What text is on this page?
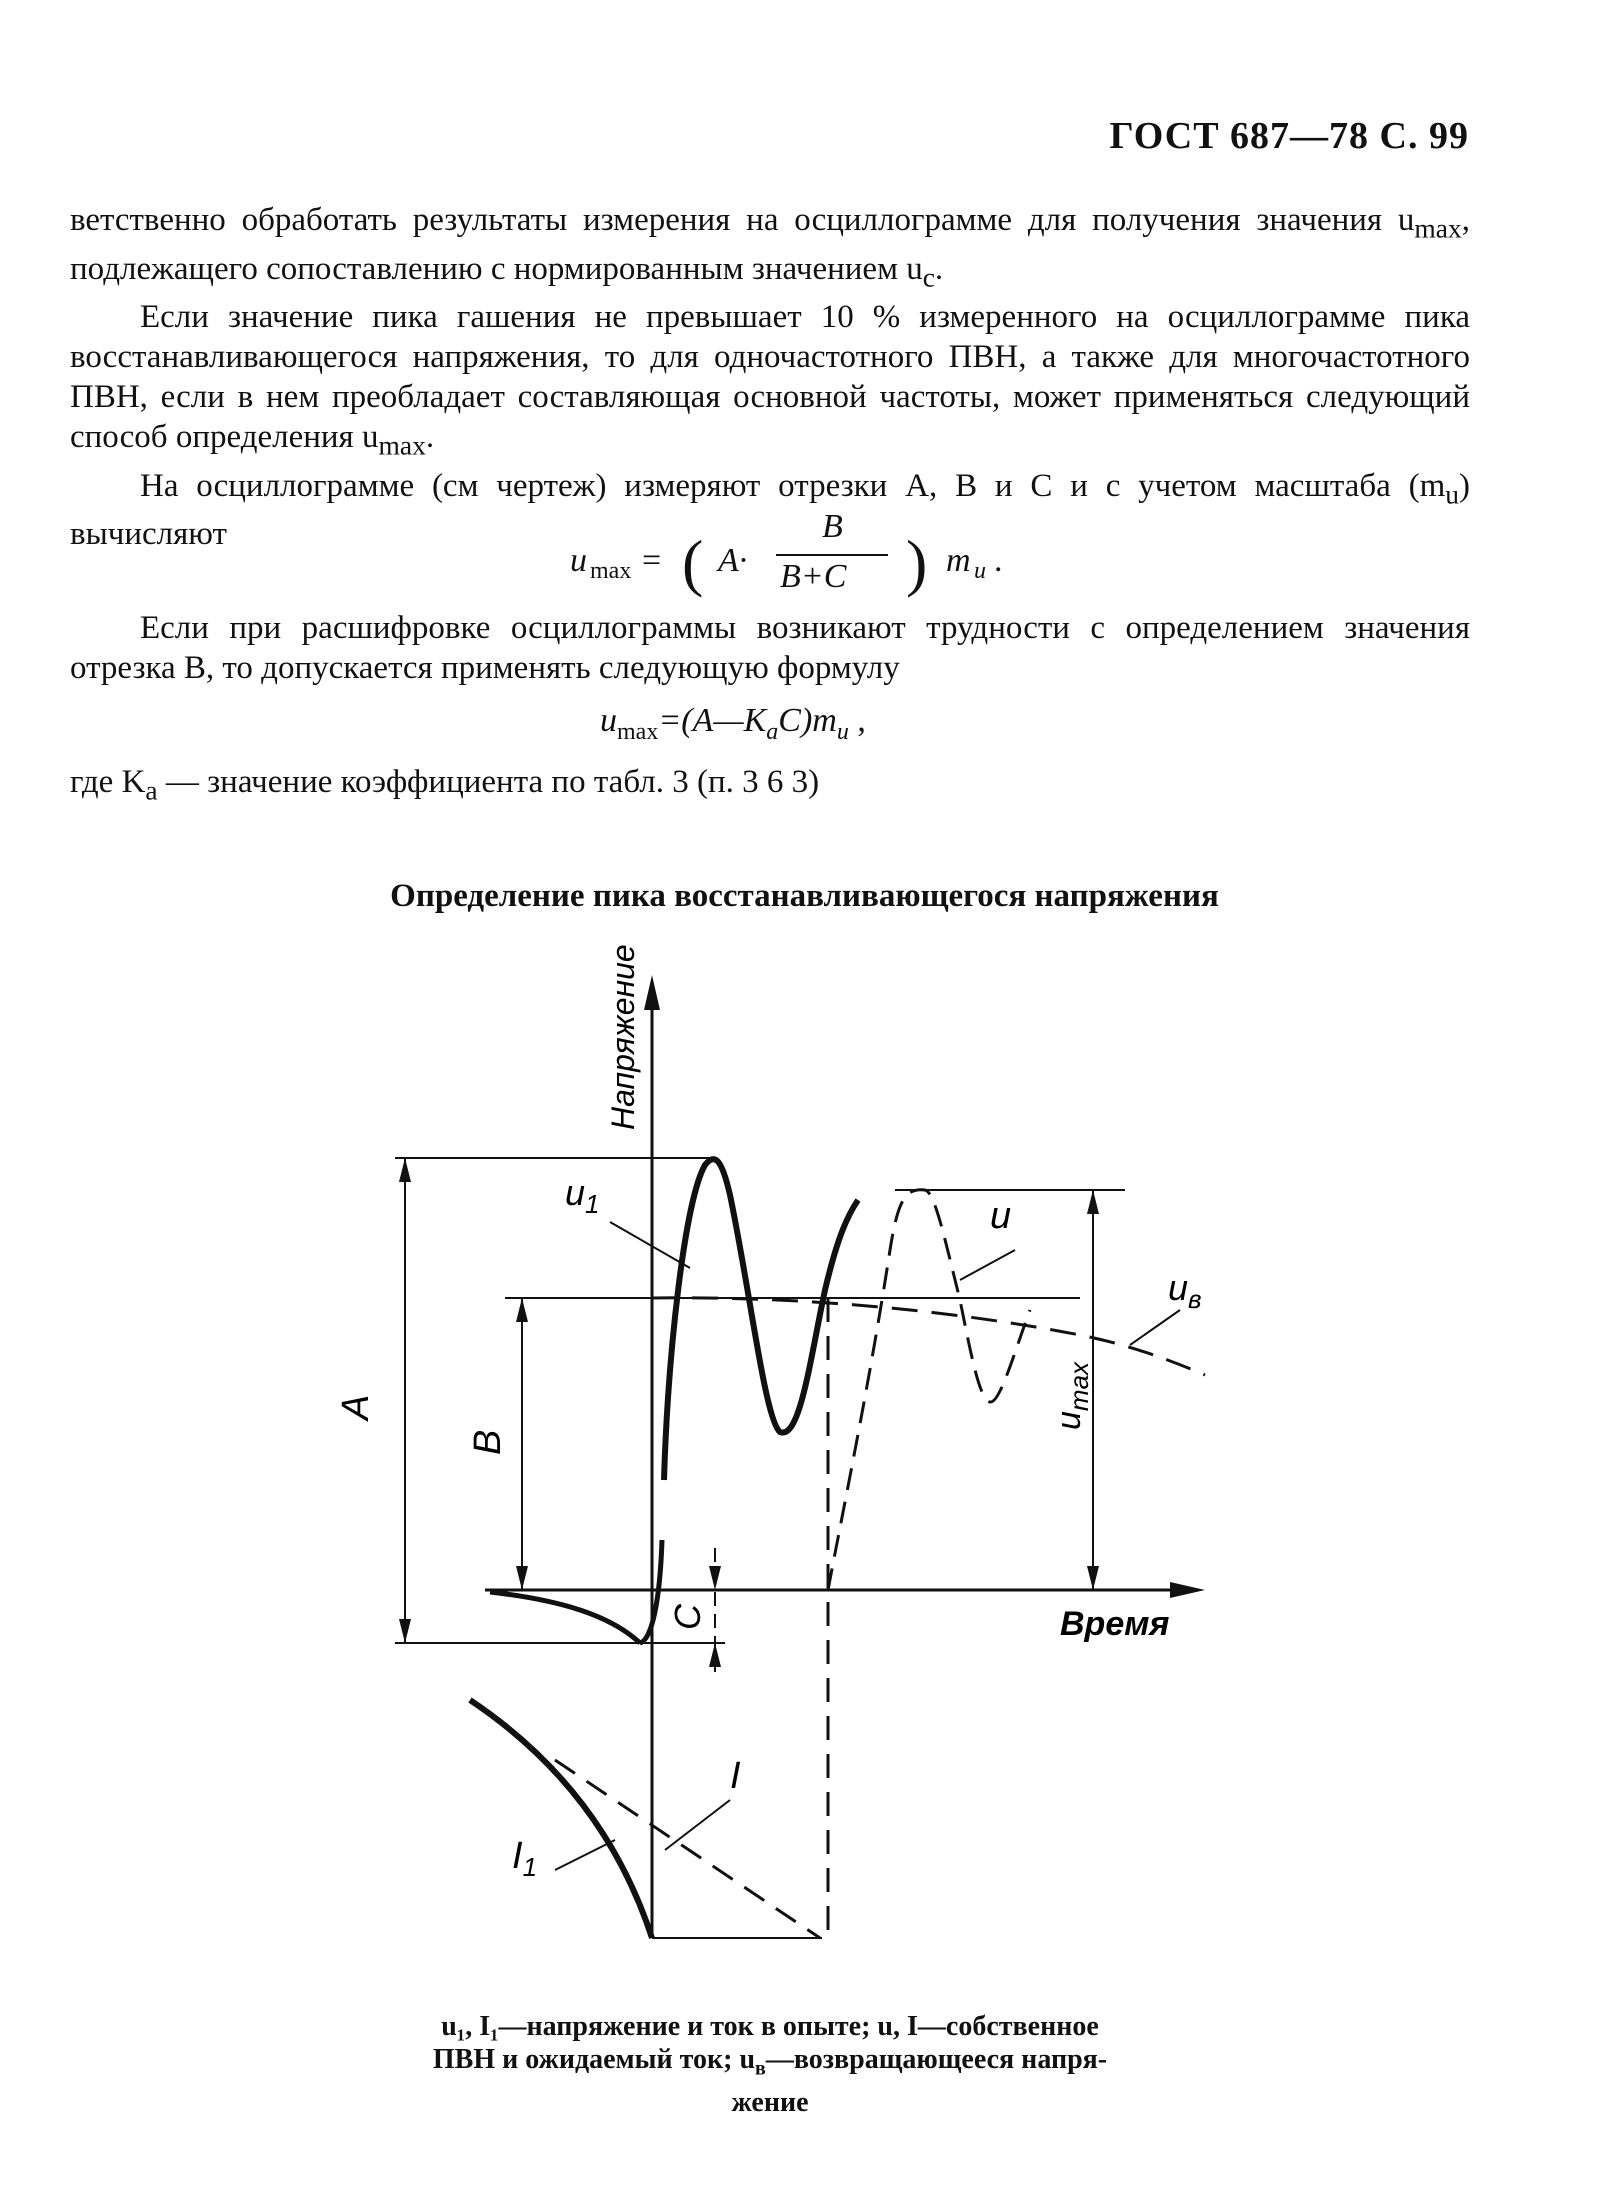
ГОСТ 687—78 С. 99

ветственно обработать результаты измерения на осциллограмме для получения значения $u_{max}$, подлежащего сопоставлению с нормированным значением $u_c$.

Если значение пика гашения не превышает 10 % измеренного на осциллограмме пика восстанавливающегося напряжения, то для одночастотного ПВН, а также для многочастотного ПВН, если в нем преобладает составляющая основной частоты, может применяться следующий способ определения $u_{max}$.

На осциллограмме (см чертеж) измеряют отрезки A, B и C и с учетом масштаба $(m_u)$ вычисляют

u max = ( A·
B
B+C ) m u .

Если при расшифровке осциллограммы возникают трудности с определением значения отрезка B, то допускается применять следующую формулу

$u_{max}=(A—K_aC)m_u$ ,

где $K_a$ — значение коэффициента по табл. 3 (п. 3 6 3)

Определение пика восстанавливающегося напряжения
Напряжение
Время
A
B
C
$u_{max}$
$u_1$	u
$u_в$
I
$I_1$
u₁, I₁—напряжение и ток в опыте; u, I—собственное
ПВН и ожидаемый ток; $u_в—возвращающееся$ напря-
жение
